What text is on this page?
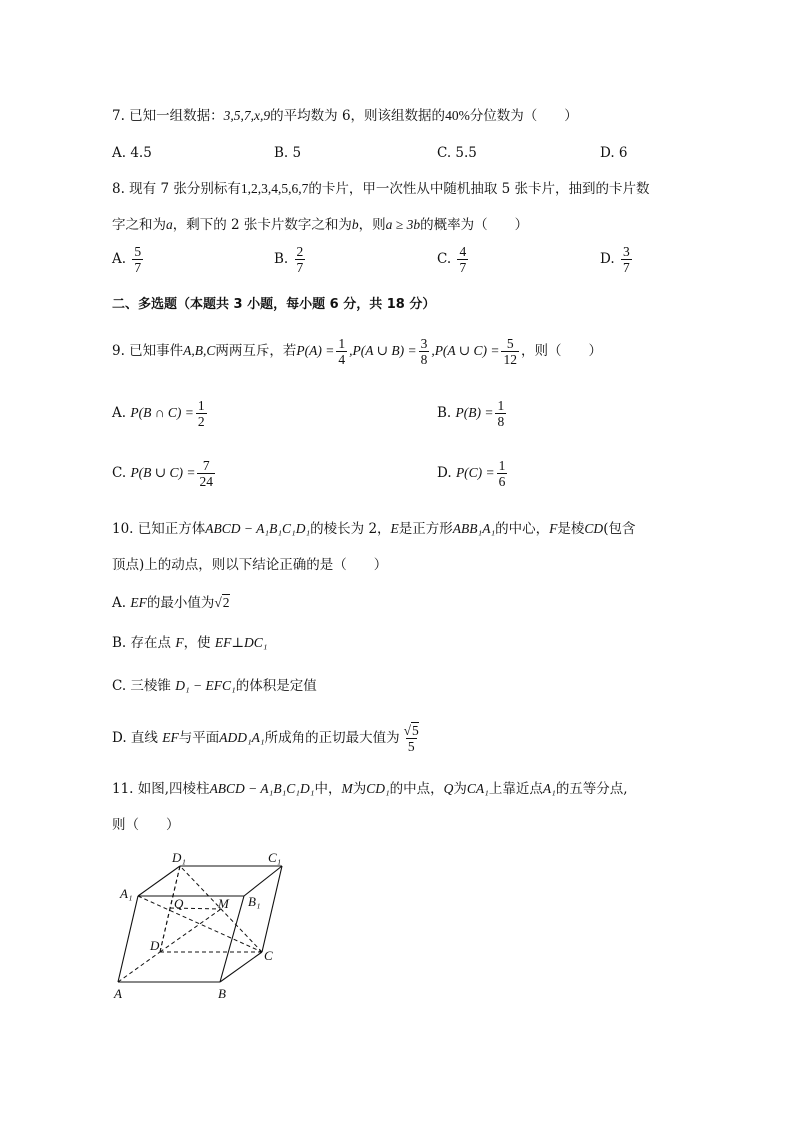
7. 已知一组数据：3,5,7,x,9的平均数为 6，则该组数据的40%分位数为（　　）
A. 4.5	B. 5	C. 5.5	D. 6
8. 现有 7 张分别标有1,2,3,4,5,6,7的卡片，甲一次性从中随机抽取 5 张卡片，抽到的卡片数
字之和为a，剩下的 2 张卡片数字之和为b，则a ≥ 3b的概率为（　　）
A. $\frac{5}{7}$	B. $\frac{2}{7}$	C. $\frac{4}{7}$	D. $\frac{3}{7}$
二、多选题（本题共 3 小题，每小题 6 分，共 18 分）
9. 已知事件A,B,C两两互斥，若$P(A) = \frac{1}{4} ,P(A$ ∪ $B) = \frac{3}{8} ,P(A$ ∪ $C) = \frac{5}{12}$ ，则（　　）
A. P(B ∩ $C) = \frac{1}{2}$	B. $P(B) = \frac{1}{8}$
C. P(B ∪ $C) = \frac{7}{24}$	D. $P(C) = \frac{1}{6}$
10. 已知正方体ABCD − A₁B₁C₁D₁的棱长为 2，E是正方形ABB₁A₁的中心，F是棱CD(包含
顶点)上的动点，则以下结论正确的是（　　）
A. EF的最小值为√2
B. 存在点 F，使 EF⊥DC₁
C. 三棱锥 D₁ − EFC₁的体积是定值
D. 直线 EF与平面ADD₁A₁所成角的正切最大值为 $\frac{√5}{5}$
11. 如图,四棱柱ABCD − A₁B₁C₁D₁中，M为CD₁的中点，Q为CA₁上靠近点A₁的五等分点,
则（　　）
D₁	C₁
A₁
Q	M B₁
D
C
A	B
